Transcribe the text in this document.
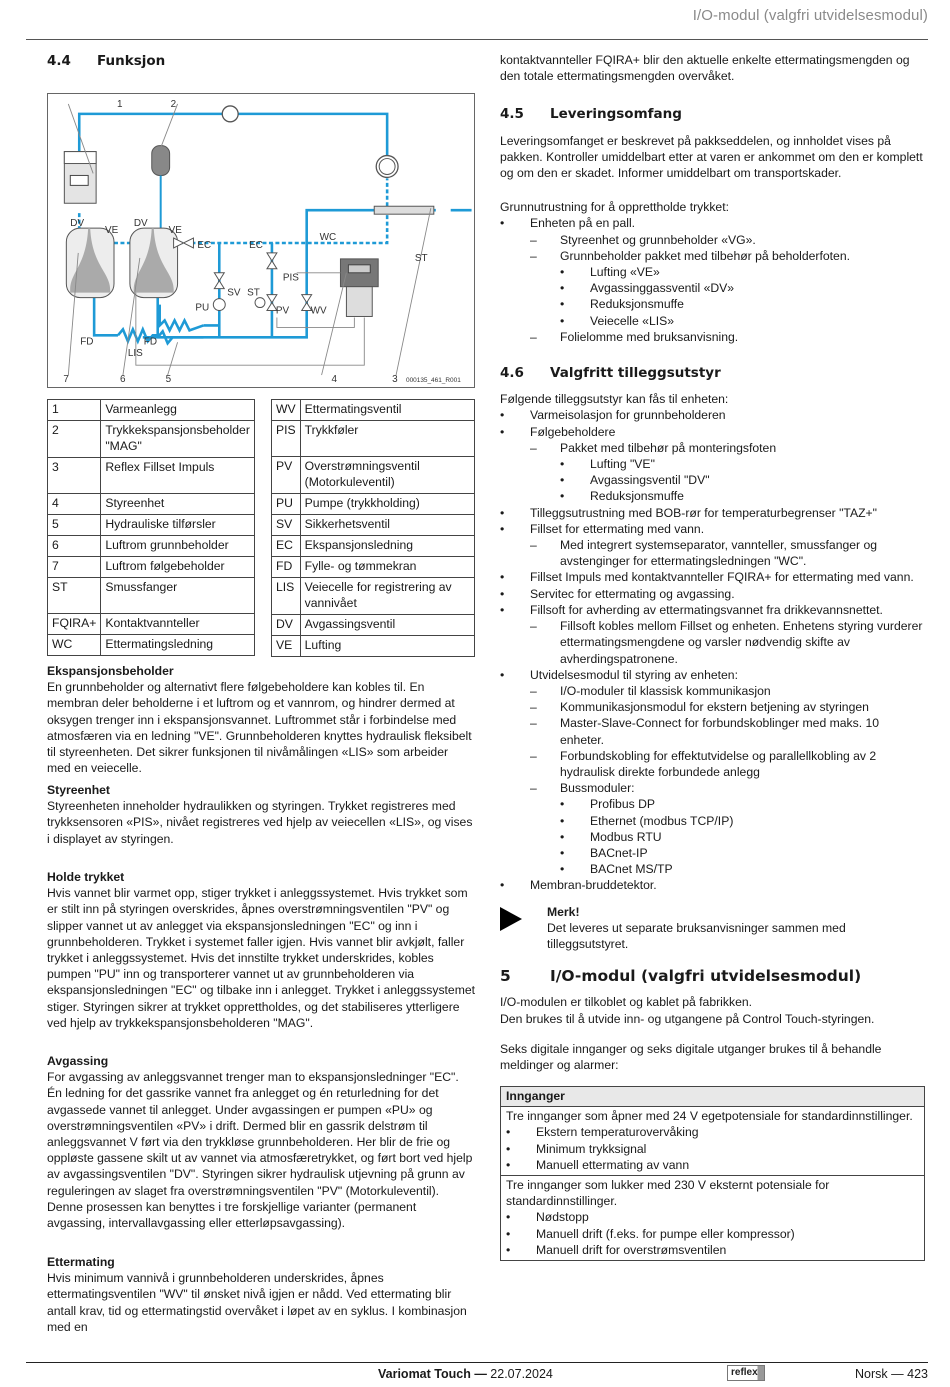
I/O-modul (valgfri utvidelsesmodul)
4.4	Funksjon
1	2
DV
VE
DV
VE
EC	EC
WC
PIS
ST
SV
PU	PV WV
FD	FD
LIS
ST
7	6	5	4	3 000135_461_R001
1	Varmeanlegg
2	Trykkekspansjonsbeholder "MAG"
3	Reflex Fillset Impuls
4	Styreenhet
5	Hydrauliske tilførsler
6	Luftrom grunnbeholder
7	Luftrom følgebeholder
ST	Smussfanger
FQIRA+	Kontaktvannteller
WC	Ettermatingsledning
WV	Ettermatingsventil
PIS	Trykkføler
PV	Overstrømningsventil (Motorkuleventil)
PU	Pumpe (trykkholding)
SV	Sikkerhetsventil
EC	Ekspansjonsledning
FD	Fylle- og tømmekran
LIS	Veiecelle for registrering av vannivået
DV	Avgassingsventil
VE	Lufting
Ekspansjonsbeholder

En grunnbeholder og alternativt flere følgebeholdere kan kobles til. En membran deler beholderne i et luftrom og et vannrom, og hindrer dermed at oksygen trenger inn i ekspansjonsvannet. Luftrommet står i forbindelse med atmosfæren via en ledning "VE". Grunnbeholderen knyttes hydraulisk fleksibelt til styreenheten. Det sikrer funksjonen til nivåmålingen «LIS» som arbeider med en veiecelle.

Styreenhet

Styreenheten inneholder hydraulikken og styringen. Trykket registreres med trykksensoren «PIS», nivået registreres ved hjelp av veiecellen «LIS», og vises i displayet av styringen.

Holde trykket

Hvis vannet blir varmet opp, stiger trykket i anleggssystemet. Hvis trykket som er stilt inn på styringen overskrides, åpnes overstrømningsventilen "PV" og slipper vannet ut av anlegget via ekspansjonsledningen "EC" og inn i grunnbeholderen. Trykket i systemet faller igjen. Hvis vannet blir avkjølt, faller trykket i anleggssystemet. Hvis det innstilte trykket underskrides, kobles pumpen "PU" inn og transporterer vannet ut av grunnbeholderen via ekspansjonsledningen "EC" og tilbake inn i anlegget. Trykket i anleggssystemet stiger. Styringen sikrer at trykket opprettholdes, og det stabiliseres ytterligere ved hjelp av trykkekspansjonsbeholderen "MAG".

Avgassing

For avgassing av anleggsvannet trenger man to ekspansjonsledninger "EC". Én ledning for det gassrike vannet fra anlegget og én returledning for det avgassede vannet til anlegget. Under avgassingen er pumpen «PU» og overstrømningsventilen «PV» i drift. Dermed blir en gassrik delstrøm til anleggsvannet V ført via den trykkløse grunnbeholderen. Her blir de frie og oppløste gassene skilt ut av vannet via atmosfæretrykket, og ført bort ved hjelp av avgassingsventilen "DV". Styringen sikrer hydraulisk utjevning på grunn av reguleringen av slaget fra overstrømningsventilen "PV" (Motorkuleventil). Denne prosessen kan benyttes i tre forskjellige varianter (permanent avgassing, intervallavgassing eller etterløpsavgassing).

Ettermating

Hvis minimum vannivå i grunnbeholderen underskrides, åpnes ettermatingsventilen "WV" til ønsket nivå igjen er nådd. Ved ettermating blir antall krav, tid og ettermatingstid overvåket i løpet av en syklus. I kombinasjon med en

kontaktvannteller FQIRA+ blir den aktuelle enkelte ettermatingsmengden og den totale ettermatingsmengden overvåket.

4.5	Leveringsomfang

Leveringsomfanget er beskrevet på pakkseddelen, og innholdet vises på pakken. Kontroller umiddelbart etter at varen er ankommet om den er komplett og om den er skadet. Informer umiddelbart om transportskader.

Grunnutrustning for å opprettholde trykket:

• Enheten på en pall.
– Styreenhet og grunnbeholder «VG».
– Grunnbeholder pakket med tilbehør på beholderfoten.
• Lufting «VE»
• Avgassinggassventil «DV»
• Reduksjonsmuffe
• Veiecelle «LIS»
– Folielomme med bruksanvisning.
4.6	Valgfritt tilleggsutstyr

Følgende tilleggsutstyr kan fås til enheten:

• Varmeisolasjon for grunnbeholderen
• Følgebeholdere
– Pakket med tilbehør på monteringsfoten
• Lufting "VE"
• Avgassingsventil "DV"
• Reduksjonsmuffe
• Tilleggsutrustning med BOB-rør for temperaturbegrenser "TAZ+"
• Fillset for ettermating med vann.
– Med integrert systemseparator, vannteller, smussfanger og avstenginger for ettermatingsledningen "WC".
• Fillset Impuls med kontaktvannteller FQIRA+ for ettermating med vann.
• Servitec for ettermating og avgassing.
• Fillsoft for avherding av ettermatingsvannet fra drikkevannsnettet.
– Fillsoft kobles mellom Fillset og enheten. Enhetens styring vurderer ettermatingsmengdene og varsler nødvendig skifte av avherdingspatronene.
• Utvidelsesmodul til styring av enheten:
– I/O-moduler til klassisk kommunikasjon
– Kommunikasjonsmodul for ekstern betjening av styringen
– Master-Slave-Connect for forbundskoblinger med maks. 10 enheter.
– Forbundskobling for effektutvidelse og parallellkobling av 2 hydraulisk direkte forbundede anlegg
– Bussmoduler:
• Profibus DP
• Ethernet (modbus TCP/IP)
• Modbus RTU
• BACnet-IP
• BACnet MS/TP
• Membran-bruddetektor.
Merk!
Det leveres ut separate bruksanvisninger sammen med tilleggsutstyret.
5	I/O-modul (valgfri utvidelsesmodul)

I/O-modulen er tilkoblet og kablet på fabrikken.

Den brukes til å utvide inn- og utgangene på Control Touch-styringen.

Seks digitale innganger og seks digitale utganger brukes til å behandle meldinger og alarmer:

Innganger
Tre innganger som åpner med 24 V egetpotensiale for standardinnstillinger.
• Ekstern temperaturovervåking
• Minimum trykksignal
• Manuell ettermating av vann
Tre innganger som lukker med 230 V eksternt potensiale for standardinnstillinger.
• Nødstopp
• Manuell drift (f.eks. for pumpe eller kompressor)
• Manuell drift for overstrømsventilen
Variomat Touch — 22.07.2024	reflex	Norsk — 423
